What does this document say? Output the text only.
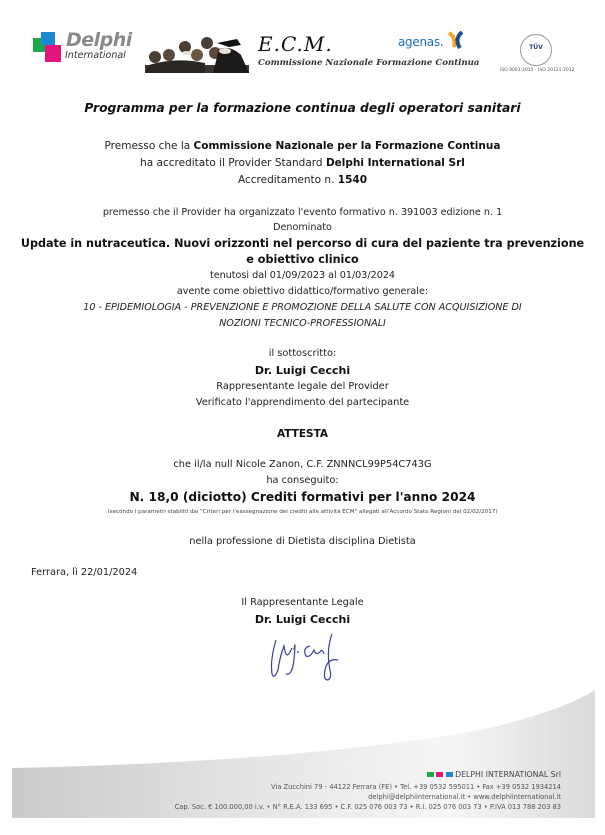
Delphi
International	E.C.M.
Commissione Nazionale Formazione Continua
agenas.	TÜV
ISO 9001:2015 - ISO 20121:2012
Programma per la formazione continua degli operatori sanitari
Premesso che la Commissione Nazionale per la Formazione Continua
ha accreditato il Provider Standard Delphi International Srl
Accreditamento n. 1540
premesso che il Provider ha organizzato l'evento formativo n. 391003 edizione n. 1
Denominato
Update in nutraceutica. Nuovi orizzonti nel percorso di cura del paziente tra prevenzione
e obiettivo clinico
tenutosi dal 01/09/2023 al 01/03/2024
avente come obiettivo didattico/formativo generale:
10 - EPIDEMIOLOGIA - PREVENZIONE E PROMOZIONE DELLA SALUTE CON ACQUISIZIONE DI
NOZIONI TECNICO-PROFESSIONALI
il sottoscritto:
Dr. Luigi Cecchi
Rappresentante legale del Provider
Verificato l'apprendimento del partecipante
ATTESTA
che il/la null Nicole Zanon, C.F. ZNNNCL99P54C743G
ha conseguito:
N. 18,0 (diciotto) Crediti formativi per l'anno 2024
(secondo i parametri stabiliti dai "Criteri per l'eassegnazione dei crediti alle attività ECM" allegati all'Accordo Stato Regioni del 02/02/2017)
nella professione di Dietista disciplina Dietista
Ferrara, lì 22/01/2024
Il Rappresentante Legale
Dr. Luigi Cecchi
DELPHI INTERNATIONAL Srl
Via Zucchini 79 - 44122 Ferrara (FE) • Tel. +39 0532 595011 • Fax +39 0532 1934214
delphi@delphiinternational.it • www.delphiinternational.it
Cap. Soc. € 100.000,00 i.v. • N° R.E.A. 133 695 • C.F. 025 076 003 73 • R.I. 025 076 003 73 • P.IVA 013 788 203 83
